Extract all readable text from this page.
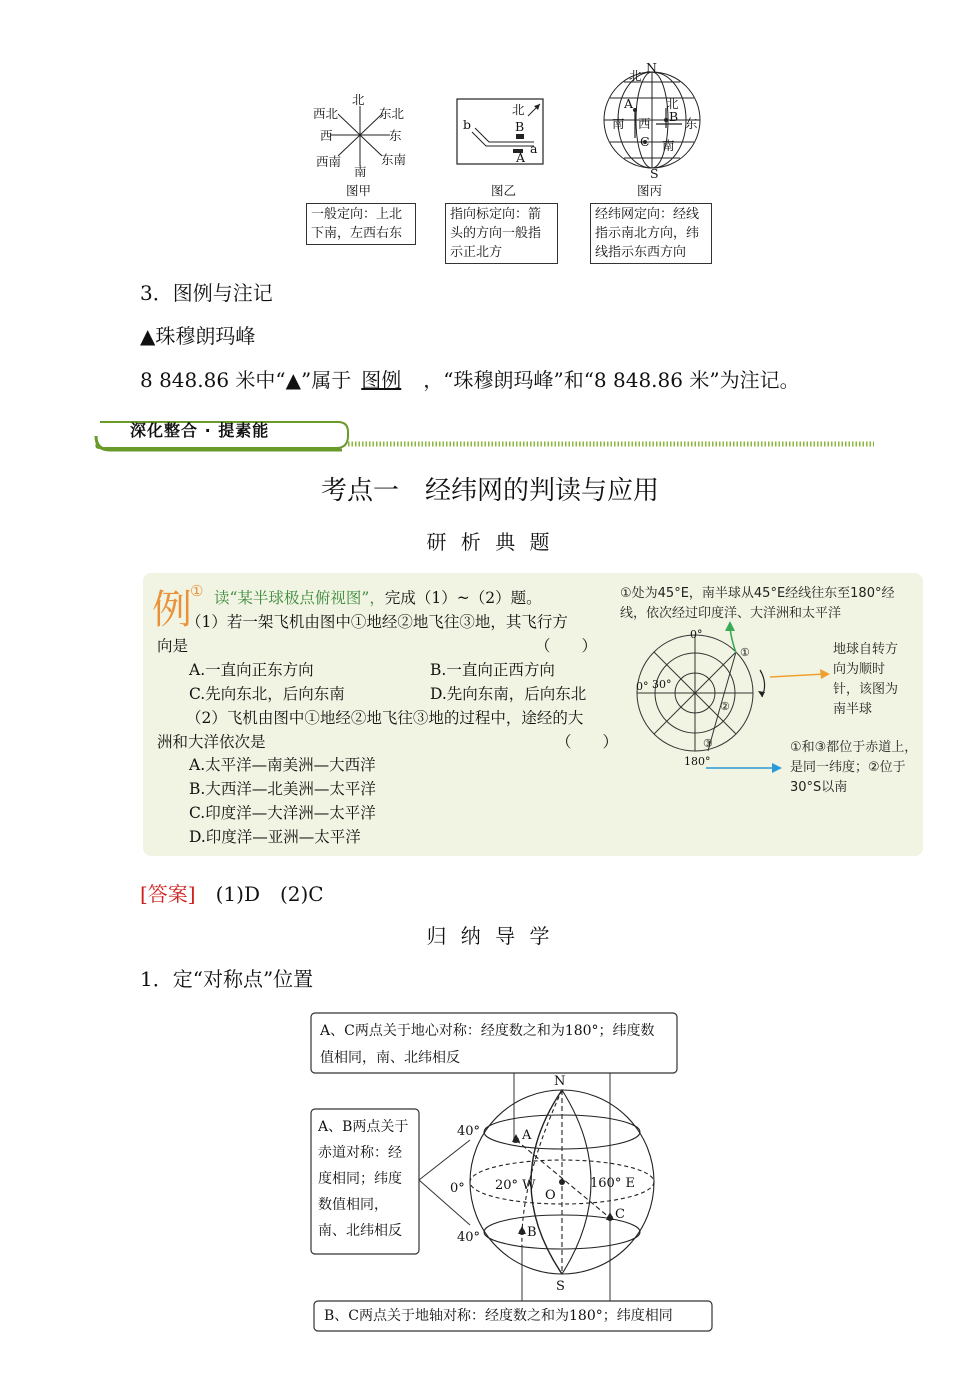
北
西北	东北
西	东
西南	东南
南
图甲
一般定向：上北下南，左西右东
北
b	B
a
A
图乙
指向标定向：箭头的方向一般指示正北方
北
N
A	北
南 西 B 东
C 南
S
图丙
经纬网定向：经线指示南北方向，纬线指示东西方向
3．图例与注记
▲珠穆朗玛峰
8 848.86 米中“▲”属于 图例 ，“珠穆朗玛峰”和“8 848.86 米”为注记。
深化整合 · 提素能
考点一　经纬网的判读与应用
研 析 典 题
例
① 读“某半球极点俯视图”，完成（1）~（2）题。
（1）若一架飞机由图中①地经②地飞往③地，其飞行方
向是	（　　）
A.一直向正东方向	B.一直向正西方向
C.先向东北，后向东南	D.先向东南，后向东北
（2）飞机由图中①地经②地飞往③地的过程中，途经的大
洲和大洋依次是	（　　）
A.太平洋—南美洲—大西洋
B.大西洋—北美洲—太平洋
C.印度洋—大洋洲—太平洋
D.印度洋—亚洲—太平洋
0°
0° 30°
180°
①
②
③
①处为45°E，南半球从45°E经线往东至180°经线，依次经过印度洋、大洋洲和太平洋
地球自转方向为顺时针，该图为南半球
①和③都位于赤道上，是同一纬度；②位于30°S以南
[答案] (1)D　(2)C
归 纳 导 学
1．定“对称点”位置
A、C两点关于地心对称：经度数之和为180°；纬度数值相同，南、北纬相反
A、B两点关于赤道对称：经度相同；纬度数值相同，南、北纬相反
B、C两点关于地轴对称：经度数之和为180°；纬度相同
N
S
40°
0°
40°
20° W	160° E
O
A
B
C
